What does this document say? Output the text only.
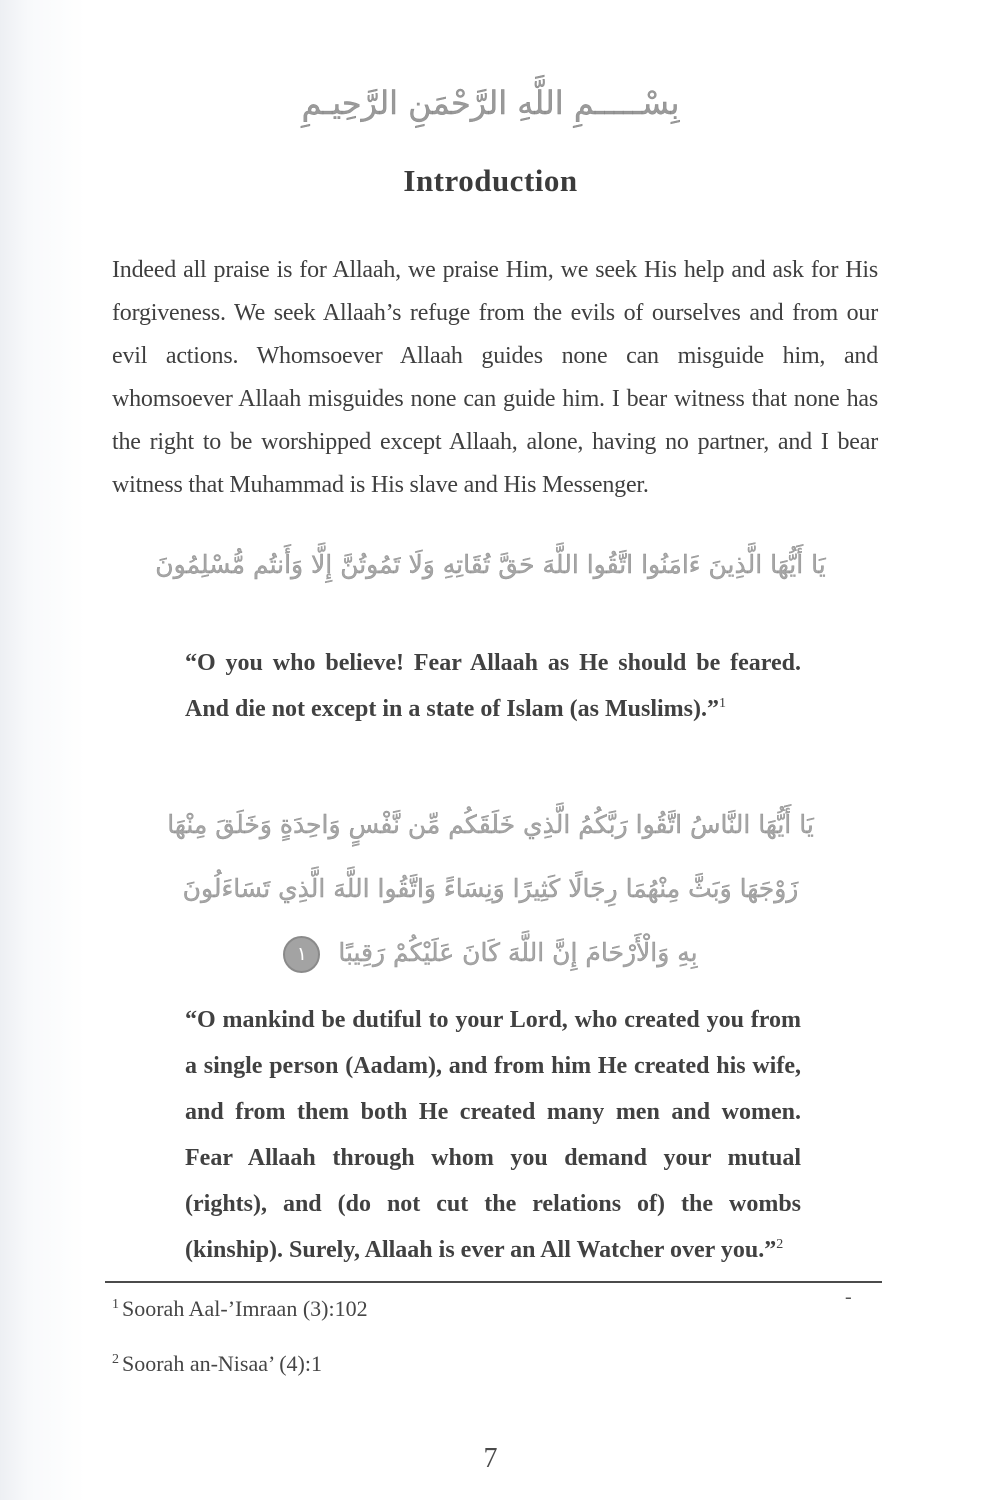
بِسْـــــمِ اللَّهِ الرَّحْمَنِ الرَّحِيـمِ
Introduction

Indeed all praise is for Allaah, we praise Him, we seek His help and ask for His forgiveness. We seek Allaah’s refuge from the evils of ourselves and from our evil actions. Whomsoever Allaah guides none can misguide him, and whomsoever Allaah misguides none can guide him. I bear witness that none has the right to be worshipped except Allaah, alone, having no partner, and I bear witness that Muhammad is His slave and His Messenger.

يَا أَيُّهَا الَّذِينَ ءَامَنُوا اتَّقُوا اللَّهَ حَقَّ تُقَاتِهِ وَلَا تَمُوتُنَّ إِلَّا وَأَنتُم مُّسْلِمُونَ

“O you who believe! Fear Allaah as He should be feared. And die not except in a state of Islam (as Muslims).”$^1$

يَا أَيُّهَا النَّاسُ اتَّقُوا رَبَّكُمُ الَّذِي خَلَقَكُم مِّن نَّفْسٍ وَاحِدَةٍ وَخَلَقَ مِنْهَا
زَوْجَهَا وَبَثَّ مِنْهُمَا رِجَالًا كَثِيرًا وَنِسَاءً وَاتَّقُوا اللَّهَ الَّذِي تَسَاءَلُونَ
بِهِ وَالْأَرْحَامَ إِنَّ اللَّهَ كَانَ عَلَيْكُمْ رَقِيبًا ١

“O mankind be dutiful to your Lord, who created you from a single person (Aadam), and from him He created his wife, and from them both He created many men and women. Fear Allaah through whom you demand your mutual (rights), and (do not cut the relations of) the wombs (kinship). Surely, Allaah is ever an All Watcher over you.”$^2$

-

$^1$ Soorah Aal-’Imraan (3):102

$^2$ Soorah an-Nisaa’ (4):1

7
